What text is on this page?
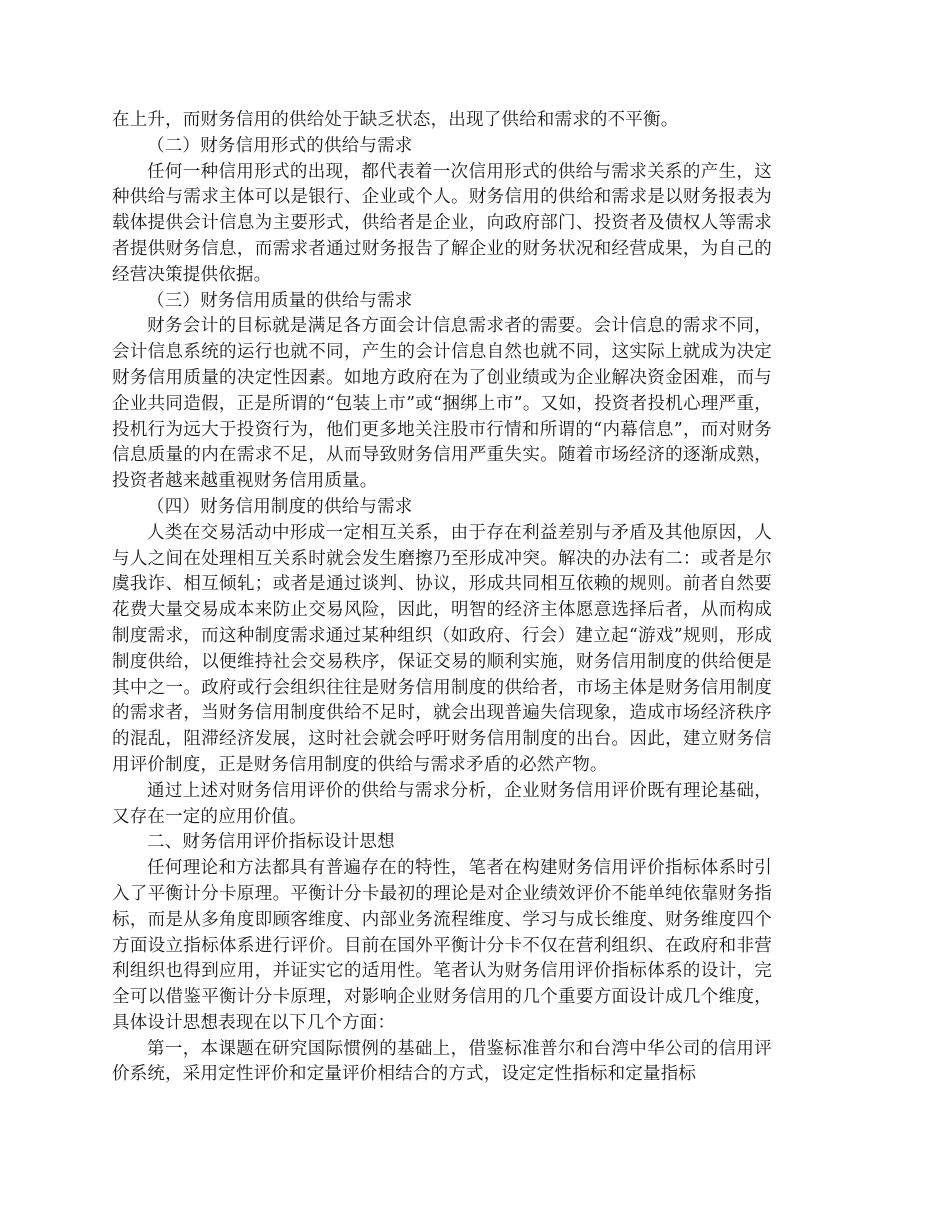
在上升，而财务信用的供给处于缺乏状态，出现了供给和需求的不平衡。

（二）财务信用形式的供给与需求

任何一种信用形式的出现，都代表着一次信用形式的供给与需求关系的产生，这种供给与需求主体可以是银行、企业或个人。财务信用的供给和需求是以财务报表为载体提供会计信息为主要形式，供给者是企业，向政府部门、投资者及债权人等需求者提供财务信息，而需求者通过财务报告了解企业的财务状况和经营成果，为自己的经营决策提供依据。

（三）财务信用质量的供给与需求

财务会计的目标就是满足各方面会计信息需求者的需要。会计信息的需求不同，会计信息系统的运行也就不同，产生的会计信息自然也就不同，这实际上就成为决定财务信用质量的决定性因素。如地方政府在为了创业绩或为企业解决资金困难，而与企业共同造假，正是所谓的“包装上市”或“捆绑上市”。又如，投资者投机心理严重，投机行为远大于投资行为，他们更多地关注股市行情和所谓的“内幕信息”，而对财务信息质量的内在需求不足，从而导致财务信用严重失实。随着市场经济的逐渐成熟，投资者越来越重视财务信用质量。

（四）财务信用制度的供给与需求

人类在交易活动中形成一定相互关系，由于存在利益差别与矛盾及其他原因，人与人之间在处理相互关系时就会发生磨擦乃至形成冲突。解决的办法有二：或者是尔虞我诈、相互倾轧；或者是通过谈判、协议，形成共同相互依赖的规则。前者自然要花费大量交易成本来防止交易风险，因此，明智的经济主体愿意选择后者，从而构成制度需求，而这种制度需求通过某种组织（如政府、行会）建立起“游戏”规则，形成制度供给，以便维持社会交易秩序，保证交易的顺利实施，财务信用制度的供给便是其中之一。政府或行会组织往往是财务信用制度的供给者，市场主体是财务信用制度的需求者，当财务信用制度供给不足时，就会出现普遍失信现象，造成市场经济秩序的混乱，阻滞经济发展，这时社会就会呼吁财务信用制度的出台。因此，建立财务信用评价制度，正是财务信用制度的供给与需求矛盾的必然产物。

通过上述对财务信用评价的供给与需求分析，企业财务信用评价既有理论基础，又存在一定的应用价值。

二、财务信用评价指标设计思想

任何理论和方法都具有普遍存在的特性，笔者在构建财务信用评价指标体系时引入了平衡计分卡原理。平衡计分卡最初的理论是对企业绩效评价不能单纯依靠财务指标，而是从多角度即顾客维度、内部业务流程维度、学习与成长维度、财务维度四个方面设立指标体系进行评价。目前在国外平衡计分卡不仅在营利组织、在政府和非营利组织也得到应用，并证实它的适用性。笔者认为财务信用评价指标体系的设计，完全可以借鉴平衡计分卡原理，对影响企业财务信用的几个重要方面设计成几个维度，具体设计思想表现在以下几个方面：

第一，本课题在研究国际惯例的基础上，借鉴标准普尔和台湾中华公司的信用评价系统，采用定性评价和定量评价相结合的方式，设定定性指标和定量指标
